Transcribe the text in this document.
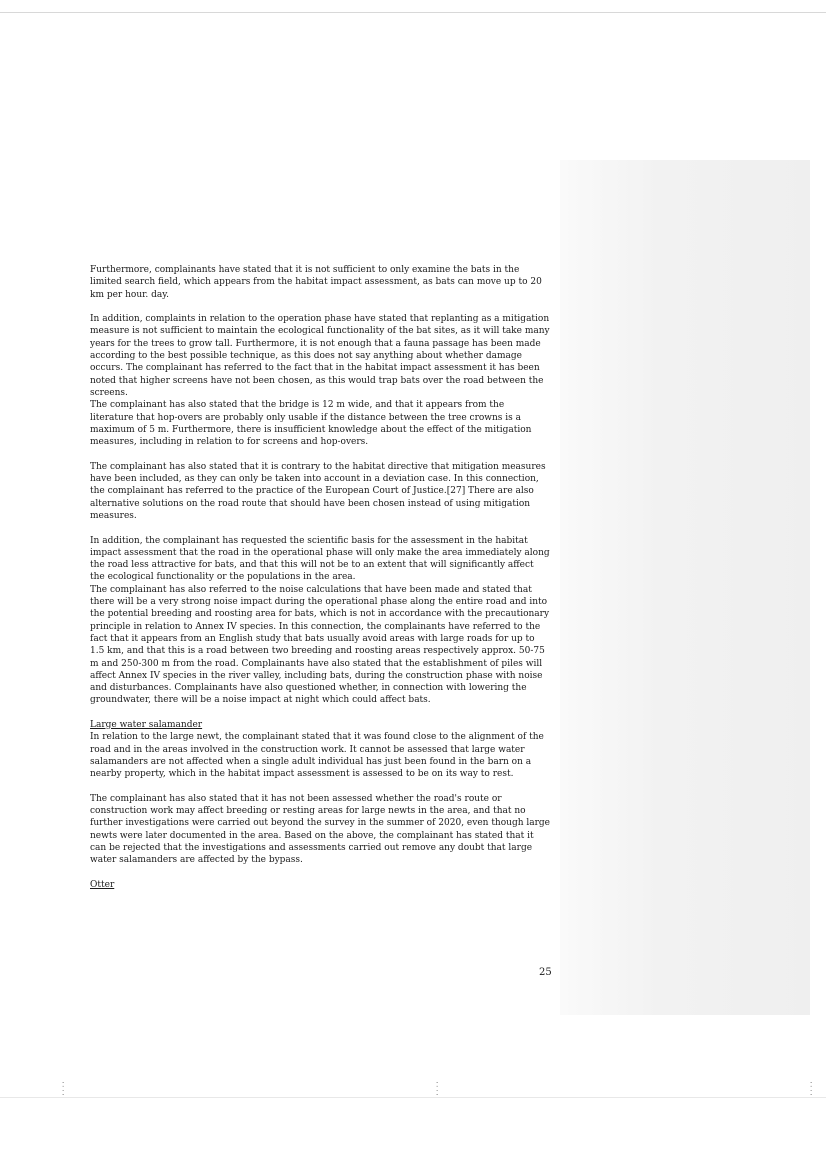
Furthermore, complainants have stated that it is not sufficient to only examine the bats in the limited search field, which appears from the habitat impact assessment, as bats can move up to 20 km per hour. day.

In addition, complaints in relation to the operation phase have stated that replanting as a mitigation measure is not sufficient to maintain the ecological functionality of the bat sites, as it will take many years for the trees to grow tall. Furthermore, it is not enough that a fauna passage has been made according to the best possible technique, as this does not say anything about whether damage occurs. The complainant has referred to the fact that in the habitat impact assessment it has been noted that higher screens have not been chosen, as this would trap bats over the road between the screens.

The complainant has also stated that the bridge is 12 m wide, and that it appears from the literature that hop-overs are probably only usable if the distance between the tree crowns is a maximum of 5 m. Furthermore, there is insufficient knowledge about the effect of the mitigation measures, including in relation to for screens and hop-overs.

The complainant has also stated that it is contrary to the habitat directive that mitigation measures have been included, as they can only be taken into account in a deviation case. In this connection, the complainant has referred to the practice of the European Court of Justice.[27] There are also alternative solutions on the road route that should have been chosen instead of using mitigation measures.

In addition, the complainant has requested the scientific basis for the assessment in the habitat impact assessment that the road in the operational phase will only make the area immediately along the road less attractive for bats, and that this will not be to an extent that will significantly affect the ecological functionality or the populations in the area.

The complainant has also referred to the noise calculations that have been made and stated that there will be a very strong noise impact during the operational phase along the entire road and into the potential breeding and roosting area for bats, which is not in accordance with the precautionary principle in relation to Annex IV species. In this connection, the complainants have referred to the fact that it appears from an English study that bats usually avoid areas with large roads for up to 1.5 km, and that this is a road between two breeding and roosting areas respectively approx. 50-75 m and 250-300 m from the road. Complainants have also stated that the establishment of piles will affect Annex IV species in the river valley, including bats, during the construction phase with noise and disturbances. Complainants have also questioned whether, in connection with lowering the groundwater, there will be a noise impact at night which could affect bats.

Large water salamander

In relation to the large newt, the complainant stated that it was found close to the alignment of the road and in the areas involved in the construction work. It cannot be assessed that large water salamanders are not affected when a single adult individual has just been found in the barn on a nearby property, which in the habitat impact assessment is assessed to be on its way to rest.

The complainant has also stated that it has not been assessed whether the road's route or construction work may affect breeding or resting areas for large newts in the area, and that no further investigations were carried out beyond the survey in the summer of 2020, even though large newts were later documented in the area. Based on the above, the complainant has stated that it can be rejected that the investigations and assessments carried out remove any doubt that large water salamanders are affected by the bypass.

Otter

25
·
⁚
·
·
⁚
·
·
⁚
·
